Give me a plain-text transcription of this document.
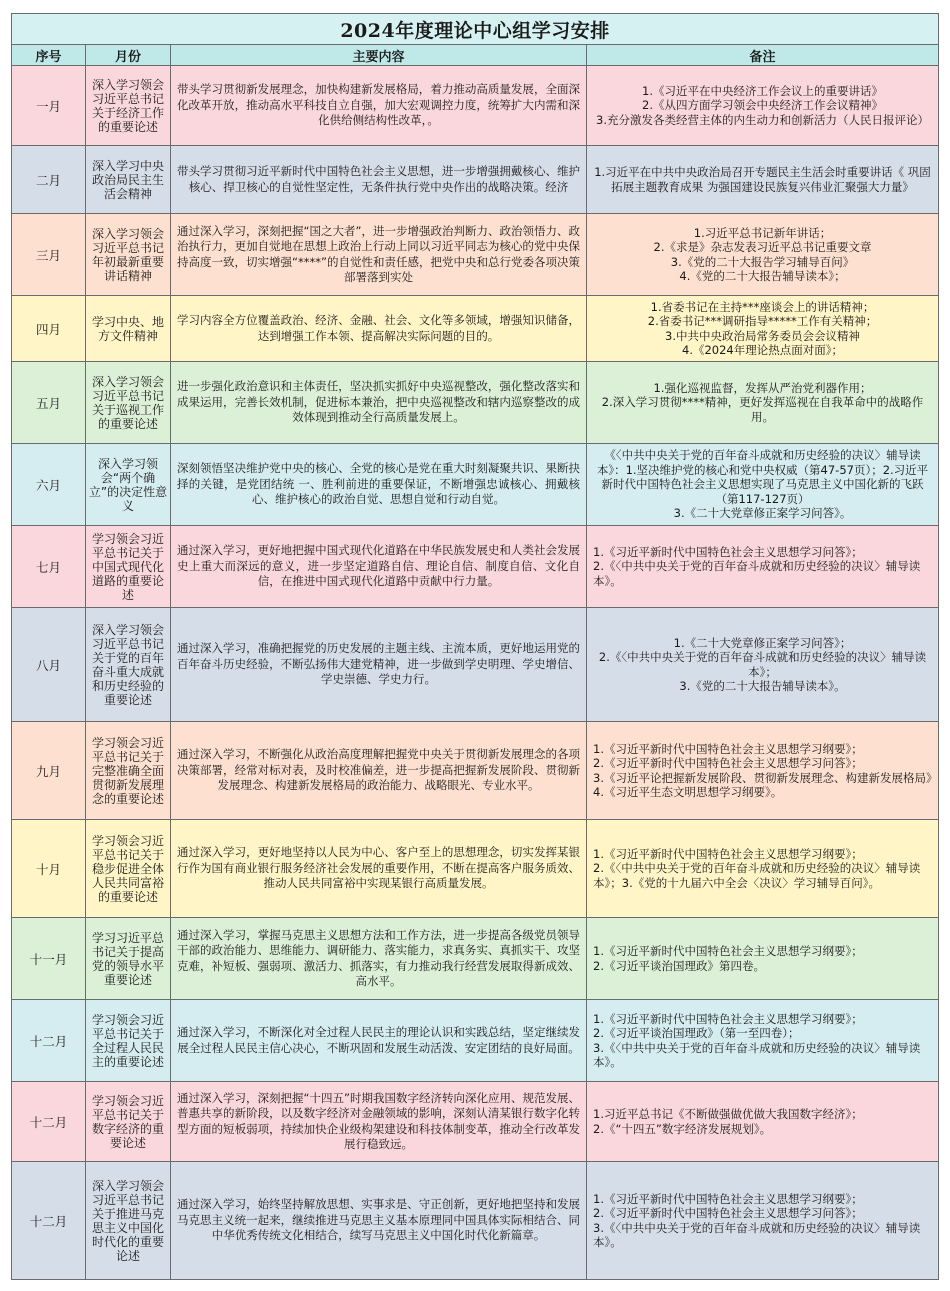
2024年度理论中心组学习安排			
序号	月份	主要内容	备注
一月	深入学习领会习近平总书记关于经济工作的重要论述	带头学习贯彻新发展理念，加快构建新发展格局，着力推动高质量发展，全面深化改革开放，推动高水平科技自立自强，加大宏观调控力度，统筹扩大内需和深化供给侧结构性改革，。	1.《习近平在中央经济工作会议上的重要讲话》
2.《从四方面学习领会中央经济工作会议精神》
3.充分激发各类经营主体的内生动力和创新活力（人民日报评论）

二月	深入学习中央政治局民主生活会精神	带头学习贯彻习近平新时代中国特色社会主义思想，进一步增强拥戴核心、维护核心、捍卫核心的自觉性坚定性，无条件执行党中央作出的战略决策。经济	1.习近平在中共中央政治局召开专题民主生活会时重要讲话《 巩固拓展主题教育成果 为强国建设民族复兴伟业汇聚强大力量》

三月	深入学习领会习近平总书记年初最新重要讲话精神	通过深入学习，深刻把握“国之大者”，进一步增强政治判断力、政治领悟力、政治执行力，更加自觉地在思想上政治上行动上同以习近平同志为核心的党中央保持高度一致，切实增强“****”的自觉性和责任感，把党中央和总行党委各项决策部署落到实处	1.习近平总书记新年讲话；
2.《求是》杂志发表习近平总书记重要文章
3.《党的二十大报告学习辅导百问》
4.《党的二十大报告辅导读本》；

四月	学习中央、地方文件精神	学习内容全方位覆盖政治、经济、金融、社会、文化等多领域，增强知识储备，达到增强工作本领、提高解决实际问题的目的。	1.省委书记在主持***座谈会上的讲话精神；
2.省委书记***调研指导*****工作有关精神；
3.中共中央政治局常务委员会会议精神
4.《2024年理论热点面对面》；

五月	深入学习领会习近平总书记关于巡视工作的重要论述	进一步强化政治意识和主体责任，坚决抓实抓好中央巡视整改，强化整改落实和成果运用，完善长效机制，促进标本兼治，把中央巡视整改和辖内巡察整改的成效体现到推动全行高质量发展上。	1.强化巡视监督，发挥从严治党利器作用；
2.深入学习贯彻****精神，更好发挥巡视在自我革命中的战略作用。

六月	深入学习领会“两个确立”的决定性意义	深刻领悟坚决维护党中央的核心、全党的核心是党在重大时刻凝聚共识、果断抉择的关键，是党团结统 一、胜利前进的重要保证，不断增强忠诚核心、拥戴核心、维护核心的政治自觉、思想自觉和行动自觉。	《〈中共中央关于党的百年奋斗成就和历史经验的决议〉辅导读本》：1.坚决维护党的核心和党中央权威（第47-57页）；2.习近平新时代中国特色社会主义思想实现了马克思主义中国化新的飞跃（第117-127页）
3.《二十大党章修正案学习问答》。

七月	学习领会习近平总书记关于中国式现代化道路的重要论述	通过深入学习，更好地把握中国式现代化道路在中华民族发展史和人类社会发展史上重大而深远的意义，进一步坚定道路自信、理论自信、制度自信、文化自信，在推进中国式现代化道路中贡献中行力量。	1.《习近平新时代中国特色社会主义思想学习问答》；
2.《〈中共中央关于党的百年奋斗成就和历史经验的决议〉辅导读本》。

八月	深入学习领会习近平总书记关于党的百年奋斗重大成就和历史经验的重要论述	通过深入学习，准确把握党的历史发展的主题主线、主流本质，更好地运用党的百年奋斗历史经验，不断弘扬伟大建党精神，进一步做到学史明理、学史增信、学史崇德、学史力行。	1.《二十大党章修正案学习问答》；
2.《〈中共中央关于党的百年奋斗成就和历史经验的决议〉辅导读本》；
3.《党的二十大报告辅导读本》。

九月	学习领会习近平总书记关于完整准确全面贯彻新发展理念的重要论述	通过深入学习，不断强化从政治高度理解把握党中央关于贯彻新发展理念的各项决策部署，经常对标对表，及时校准偏差，进一步提高把握新发展阶段、贯彻新发展理念、构建新发展格局的政治能力、战略眼光、专业水平。	1.《习近平新时代中国特色社会主义思想学习纲要》；
2.《习近平新时代中国特色社会主义思想学习问答》；
3.《习近平论把握新发展阶段、贯彻新发展理念、构建新发展格局》
4.《习近平生态文明思想学习纲要》。

十月	学习领会习近平总书记关于稳步促进全体人民共同富裕的重要论述	通过深入学习，更好地坚持以人民为中心、客户至上的思想理念，切实发挥某银行作为国有商业银行服务经济社会发展的重要作用，不断在提高客户服务质效、推动人民共同富裕中实现某银行高质量发展。	1.《习近平新时代中国特色社会主义思想学习纲要》；
2.《〈中共中央关于党的百年奋斗成就和历史经验的决议〉辅导读本》；3.《党的十九届六中全会〈决议〉学习辅导百问》。

十一月	学习习近平总书记关于提高党的领导水平重要论述	通过深入学习，掌握马克思主义思想方法和工作方法，进一步提高各级党员领导干部的政治能力、思维能力、调研能力、落实能力，求真务实、真抓实干、攻坚克难，补短板、强弱项、激活力、抓落实，有力推动我行经营发展取得新成效、高水平。	1.《习近平新时代中国特色社会主义思想学习纲要》；
2.《习近平谈治国理政》第四卷。

十二月	学习领会习近平总书记关于全过程人民民主的重要论述	通过深入学习，不断深化对全过程人民民主的理论认识和实践总结，坚定继续发展全过程人民民主信心决心，不断巩固和发展生动活泼、安定团结的良好局面。	1.《习近平新时代中国特色社会主义思想学习纲要》；
2.《习近平谈治国理政》（第一至四卷）；
3.《〈中共中央关于党的百年奋斗成就和历史经验的决议〉辅导读本》。

十二月	学习领会习近平总书记关于数字经济的重要论述	通过深入学习，深刻把握“十四五”时期我国数字经济转向深化应用、规范发展、普惠共享的新阶段，以及数字经济对金融领域的影响，深刻认清某银行数字化转型方面的短板弱项，持续加快企业级构架建设和科技体制变革，推动全行改革发展行稳致远。	1.习近平总书记《不断做强做优做大我国数字经济》；
2.《“十四五”数字经济发展规划》。

十二月	深入学习领会习近平总书记关于推进马克思主义中国化时代化的重要论述	通过深入学习，始终坚持解放思想、实事求是、守正创新，更好地把坚持和发展马克思主义统一起来，继续推进马克思主义基本原理同中国具体实际相结合、同中华优秀传统文化相结合，续写马克思主义中国化时代化新篇章。	1.《习近平新时代中国特色社会主义思想学习纲要》；
2.《习近平新时代中国特色社会主义思想学习问答》；
3.《〈中共中央关于党的百年奋斗成就和历史经验的决议〉辅导读本》。
